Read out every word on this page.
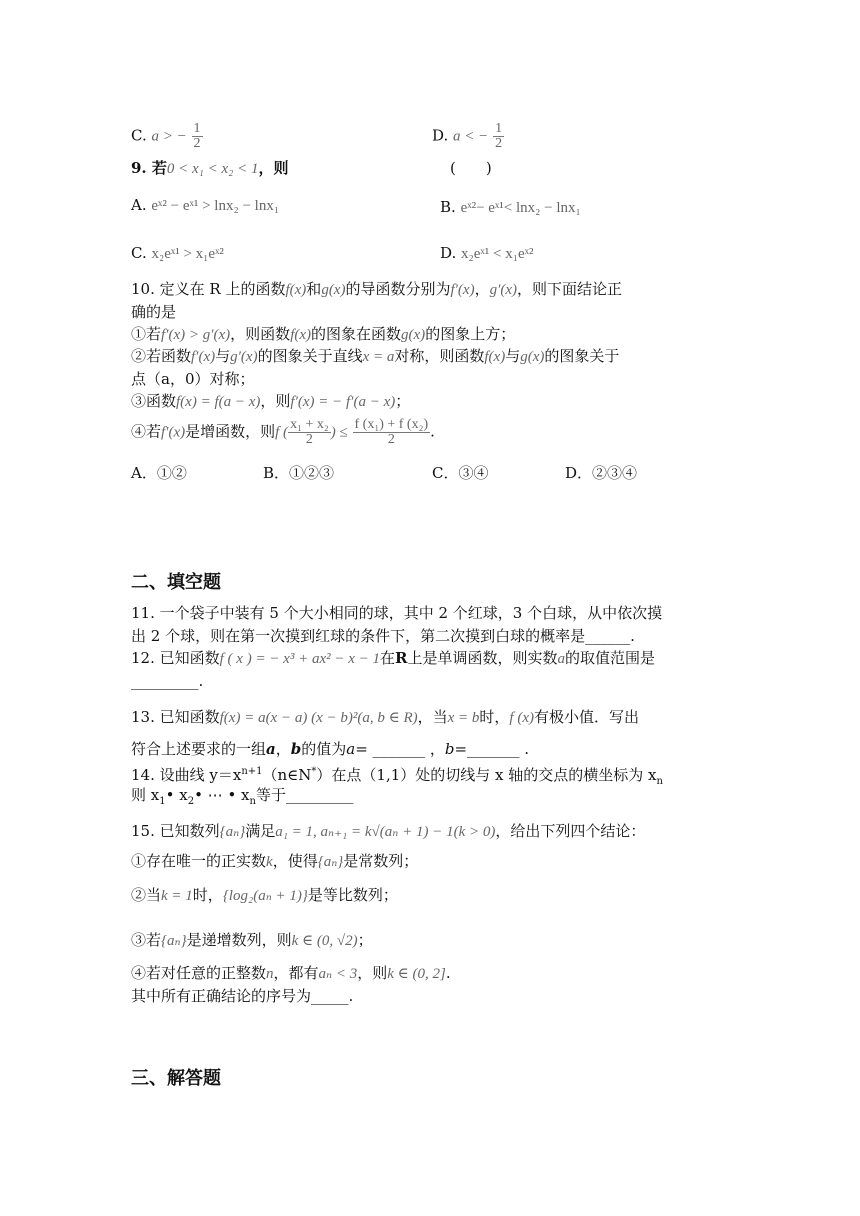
C. a > − $\frac{1}{2}$	D. a < − $\frac{1}{2}$
9. 若0 < x₁ < x₂ < 1，则	(　　)
A. eˣ² − eˣ¹ > lnx₂ − lnx₁	B. eˣ²− eˣ¹< lnx₂ − lnx₁
C. x₂eˣ¹ > x₁eˣ²	D. x₂eˣ¹ < x₁eˣ²
10. 定义在 R 上的函数f(x)和g(x)的导函数分别为f′(x)，g′(x)，则下面结论正
确的是
①若f′(x) > g′(x)，则函数f(x)的图象在函数g(x)的图象上方；
②若函数f′(x)与g′(x)的图象关于直线x = a对称，则函数f(x)与g(x)的图象关于
点（a，0）对称；
③函数f(x) = f(a − x)，则f′(x) = − f′(a − x)；
④若f′(x)是增函数，则f ( $\frac{\text{x₁ + x₂}}{2}$ ) ≤ $\frac{\text{f (x₁) + f (x₂)}}{2}$ .
A．①②	B．①②③	C．③④	D．②③④
二、填空题
11. 一个袋子中装有 5 个大小相同的球，其中 2 个红球，3 个白球，从中依次摸
出 2 个球，则在第一次摸到红球的条件下，第二次摸到白球的概率是______.
12. 已知函数f ( x ) = − x³ + ax² − x − 1在R上是单调函数，则实数a的取值范围是
_________.
13. 已知函数f(x) = a(x − a) (x − b)²(a, b ∈ R)，当x = b时，f (x)有极小值．写出
符合上述要求的一组a，b的值为a= _______ ，b=_______ .
14. 设曲线 $y=x^{n+1}(n\in N^*)$在点（1,1）处的切线与 x 轴的交点的横坐标为 $x_n$
则 $x_1•$ $x_2•$ ⋯ • $x_n$等于_________
15. 已知数列{aₙ}满足a₁ = 1, aₙ₊₁ = k√(aₙ + 1) − 1(k > 0)，给出下列四个结论：
①存在唯一的正实数k，使得{aₙ}是常数列；
②当k = 1时，{log₂(aₙ + 1)}是等比数列；
③若{aₙ}是递增数列，则k ∈ (0, √2)；
④若对任意的正整数n，都有aₙ < 3，则k ∈ (0, 2].
其中所有正确结论的序号为_____.
三、解答题
